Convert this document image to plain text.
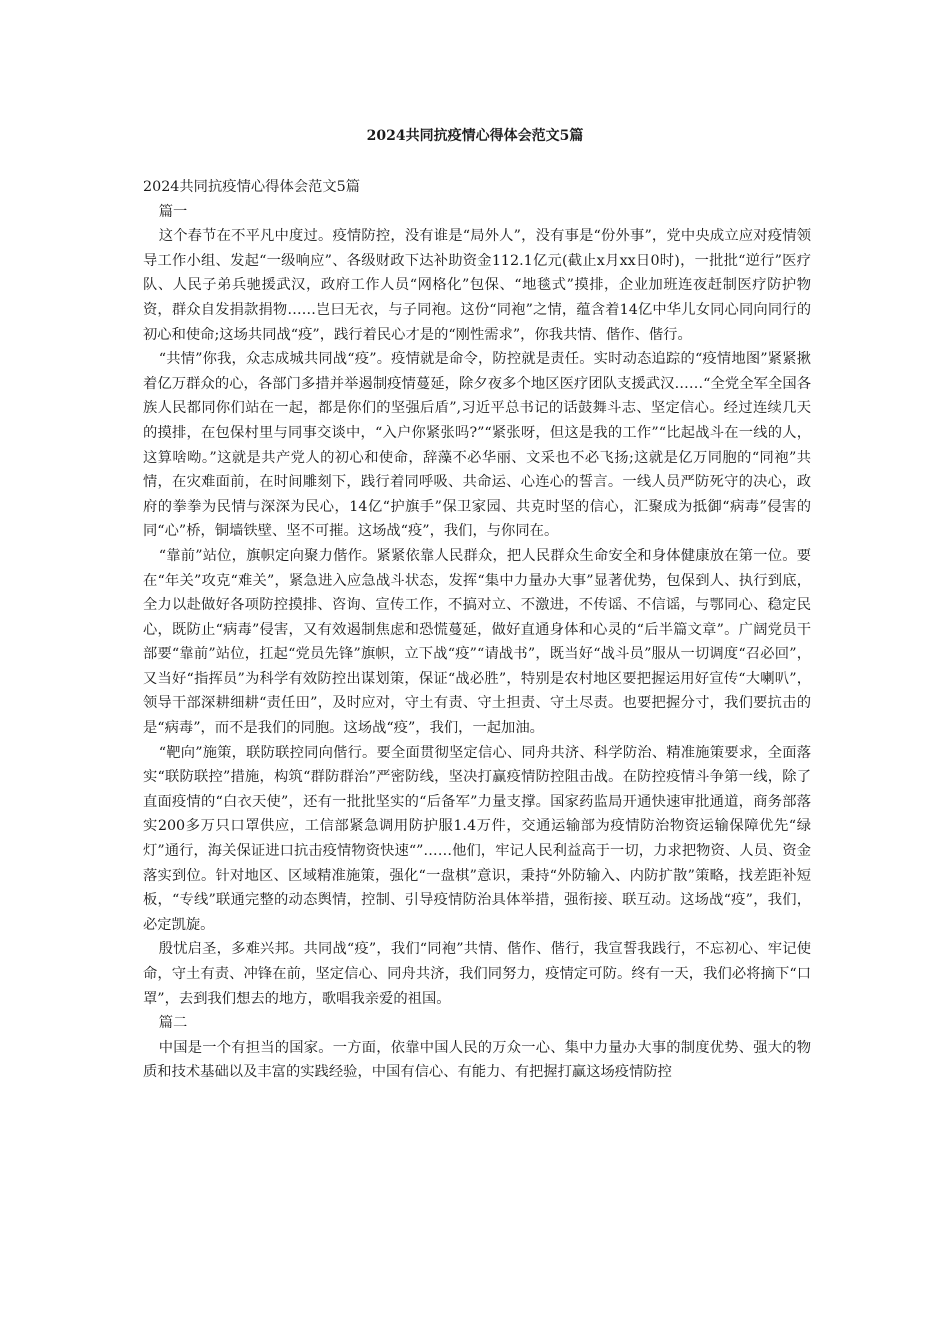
2024共同抗疫情心得体会范文5篇

2024共同抗疫情心得体会范文5篇

篇一

这个春节在不平凡中度过。疫情防控，没有谁是“局外人”，没有事是“份外事”，党中央成立应对疫情领导工作小组、发起“一级响应”、各级财政下达补助资金112.1亿元(截止x月xx日0时)，一批批“逆行”医疗队、人民子弟兵驰援武汉，政府工作人员“网格化”包保、“地毯式”摸排，企业加班连夜赶制医疗防护物资，群众自发捐款捐物……岂曰无衣，与子同袍。这份“同袍”之情，蕴含着14亿中华儿女同心同向同行的初心和使命;这场共同战“疫”，践行着民心才是的“刚性需求”，你我共情、偕作、偕行。

“共情”你我，众志成城共同战“疫”。疫情就是命令，防控就是责任。实时动态追踪的“疫情地图”紧紧揪着亿万群众的心，各部门多措并举遏制疫情蔓延，除夕夜多个地区医疗团队支援武汉……“全党全军全国各族人民都同你们站在一起，都是你们的坚强后盾”,习近平总书记的话鼓舞斗志、坚定信心。经过连续几天的摸排，在包保村里与同事交谈中，“入户你紧张吗?”“紧张呀，但这是我的工作”“比起战斗在一线的人，这算啥呦。”这就是共产党人的初心和使命，辞藻不必华丽、文采也不必飞扬;这就是亿万同胞的“同袍”共情，在灾难面前，在时间雕刻下，践行着同呼吸、共命运、心连心的誓言。一线人员严防死守的决心，政府的拳拳为民情与深深为民心，14亿“护旗手”保卫家园、共克时坚的信心，汇聚成为抵御“病毒”侵害的同“心”桥，铜墙铁壁、坚不可摧。这场战“疫”，我们，与你同在。

“靠前”站位，旗帜定向聚力偕作。紧紧依靠人民群众，把人民群众生命安全和身体健康放在第一位。要在“年关”攻克“难关”，紧急进入应急战斗状态，发挥“集中力量办大事”显著优势，包保到人、执行到底，全力以赴做好各项防控摸排、咨询、宣传工作，不搞对立、不激进，不传谣、不信谣，与鄂同心、稳定民心，既防止“病毒”侵害，又有效遏制焦虑和恐慌蔓延，做好直通身体和心灵的“后半篇文章”。广阔党员干部要“靠前”站位，扛起“党员先锋”旗帜，立下战“疫”“请战书”，既当好“战斗员”服从一切调度“召必回”，又当好“指挥员”为科学有效防控出谋划策，保证“战必胜”，特别是农村地区要把握运用好宣传“大喇叭”，领导干部深耕细耕“责任田”，及时应对，守土有责、守土担责、守土尽责。也要把握分寸，我们要抗击的是“病毒”，而不是我们的同胞。这场战“疫”，我们，一起加油。

“靶向”施策，联防联控同向偕行。要全面贯彻坚定信心、同舟共济、科学防治、精准施策要求，全面落实“联防联控”措施，构筑“群防群治”严密防线，坚决打赢疫情防控阻击战。在防控疫情斗争第一线，除了直面疫情的“白衣天使”，还有一批批坚实的“后备军”力量支撑。国家药监局开通快速审批通道，商务部落实200多万只口罩供应，工信部紧急调用防护服1.4万件，交通运输部为疫情防治物资运输保障优先“绿灯”通行，海关保证进口抗击疫情物资快速“”……他们，牢记人民利益高于一切，力求把物资、人员、资金落实到位。针对地区、区域精准施策，强化“一盘棋”意识，秉持“外防输入、内防扩散”策略，找差距补短板，“专线”联通完整的动态舆情，控制、引导疫情防治具体举措，强衔接、联互动。这场战“疫”，我们，必定凯旋。

殷忧启圣，多难兴邦。共同战“疫”，我们“同袍”共情、偕作、偕行，我宣誓我践行，不忘初心、牢记使命，守土有责、冲锋在前，坚定信心、同舟共济，我们同努力，疫情定可防。终有一天，我们必将摘下“口罩”，去到我们想去的地方，歌唱我亲爱的祖国。

篇二

中国是一个有担当的国家。一方面，依靠中国人民的万众一心、集中力量办大事的制度优势、强大的物质和技术基础以及丰富的实践经验，中国有信心、有能力、有把握打赢这场疫情防控
